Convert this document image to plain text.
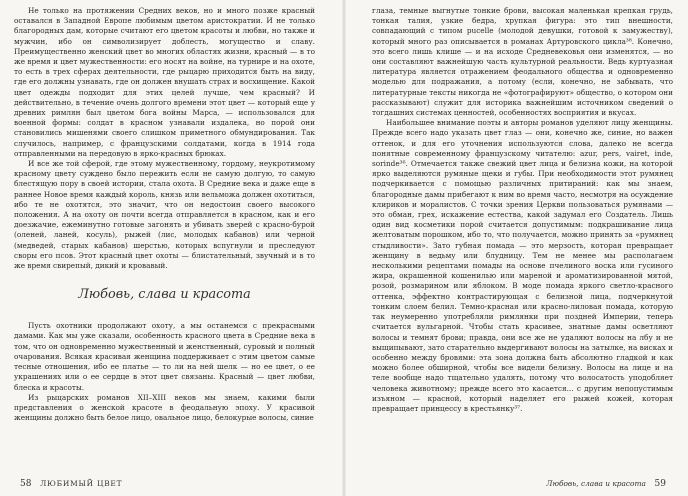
Не только на протяжении Средних веков, но и много позже красный оставался в Западной Европе любимым цветом аристократии. И не только благородных дам, которые считают его цветом красоты и любви, но также и мужчин, ибо он символизирует доблесть, могущество и славу. Преимущественно женский цвет во многих областях жизни, красный — в то же время и цвет мужественности: его носят на войне, на турнире и на охоте, то есть в трех сферах деятельности, где рыцарю приходится быть на виду, где его должны узнавать, где он должен внушать страх и восхищение. Какой цвет одежды подходит для этих целей лучше, чем красный? И действительно, в течение очень долгого времени этот цвет — который еще у древних римлян был цветом бога войны Марса, — использовался для военной формы: солдат в красном узнавали издалека, но порой они становились мишенями своего слишком приметного обмундирования. Так случилось, например, с французскими солдатами, когда в 1914 года отправленными на передовую в ярко-красных брюках.

И все же той сферой, где этому мужественному, гордому, неукротимому красному цвету суждено было пережить если не самую долгую, то самую блестящую пору в своей истории, стала охота. В Средние века и даже еще в раннее Новое время каждый король, князь или вельможа должен охотиться, ибо те не охотятся, это значит, что он недостоин своего высокого положения. А на охоту он почти всегда отправляется в красном, как и его доезжачие, ежеминутно готовые загонять и убивать зверей с красно-бурой (оленей, ланей, косуль), рыжей (лис, молодых кабанов) или черной (медведей, старых кабанов) шерстью, которых вспугнули и преследуют своры его псов. Этот красный цвет охоты — блистательный, звучный и в то же время свирепый, дикий и кровавый.

Любовь, слава и красота

Пусть охотники продолжают охоту, а мы останемся с прекрасными дамами. Как мы уже сказали, особенность красного цвета в Средние века в том, что он одновременно мужественный и женственный, суровый и полный очарования. Всякая красивая женщина поддерживает с этим цветом самые тесные отношения, ибо ее платье — то ли на ней шелк — но ее цвет, о ее украшениях или о ее сердце в этот цвет связаны. Красный — цвет любви, блеска и красоты.

Из рыцарских романов XII–XIII веков мы знаем, какими были представления о женской красоте в феодальную эпоху. У красивой женщины должно быть белое лицо, овальное лицо, белокурые волосы, синие

глаза, темные выгнутые тонкие брови, высокая маленькая крепкая грудь, тонкая талия, узкие бедра, хрупкая фигура: это тип внешности, совпадающий с типом pucelle (молодой девушки, готовой к замужеству), который много раз описывается в романах Артуровского цикла³⁸. Конечно, это всего лишь клише — и на исходе Средневековья они изменятся, — но они составляют важнейшую часть культурной реальности. Ведь куртуазная литература является отражением феодального общества и одновременно моделью для подражания, а потому (если, конечно, не забывать, что литературные тексты никогда не «фотографируют» общество, о котором они рассказывают) служит для историка важнейшим источником сведений о тогдашних системах ценностей, особенностях восприятия и вкусах.

Наибольшее внимание поэты и авторы романов уделяют лицу женщины. Прежде всего надо указать цвет глаз — они, конечно же, синие, но важен оттенок, и для его уточнения используются слова, далеко не всегда понятные современному французскому читателю: azur, pers, vairet, inde, sorinde³⁶. Отмечается также свежий цвет лица и белизна кожи, на которой ярко выделяются румяные щеки и губы. При необходимости этот румянец подчеркивается с помощью различных притираний: как мы знаем, благородные дамы прибегают к ним во время часто, несмотря на осуждение клириков и моралистов. С точки зрения Церкви пользоваться румянами — это обман, грех, искажение естества, какой задумал его Создатель. Лишь один вид косметики порой считается допустимым: подкрашивание лица желтоватым порошком, ибо то, что получается, можно принять за «румянец стыдливости». Зато губная помада — это мерзость, которая превращает женщину в ведьму или блудницу. Тем не менее мы располагаем несколькими рецептами помады на основе пчелиного воска или гусиного жира, окрашенной кошенилью или мареной и ароматизированной мятой, розой, розмарином или яблоком. В моде помада яркого светло-красного оттенка, эффектно контрастирующая с белизной лица, подчеркнутой тонким слоем белил. Темно-красная или красно-лиловая помада, которую так неумеренно употребляли римлянки при поздней Империи, теперь считается вульгарной. Чтобы стать красивее, знатные дамы осветляют волосы и темнят брови; правда, они все же не удаляют волосы на лбу и не выщипывают, зато старательно выдергивают волосы на затылке, на висках и особенно между бровями: эта зона должна быть абсолютно гладкой и как можно более обширной, чтобы все видели белизну. Волосы на лице и на теле вообще надо тщательно удалять, потому что волосатость уподобляет человека животному; прежде всего это касается... с другим непопустимым изъяном — красной, который наделяет его рыжей кожей, которая превращает принцессу в крестьянку³⁷.

58 ЛЮБИМЫЙ ЦВЕТ	Любовь, слава и красота 59
